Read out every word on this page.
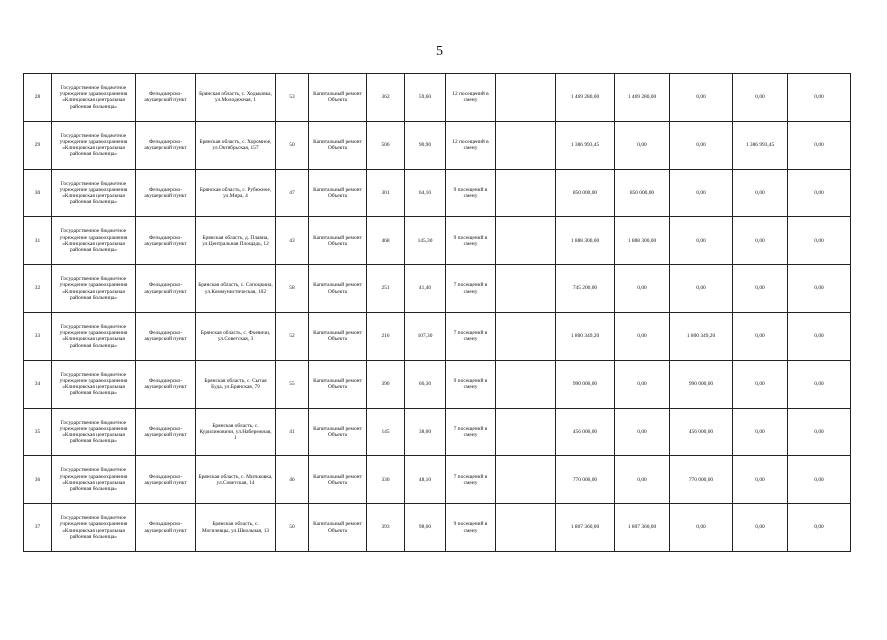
5
28	Государственное бюджетное учреждение здравоохранения «Клинцовская центральная районная больница»	Фельдшерско-акушерский пункт	Брянская область, с. Ходьковка, ул.Молодежная, 1	53	Капитальный ремонт Объекта	362	59,60	12 посещений в смену		1 469 280,00	1 469 280,00	0,00	0,00	0,00	
29	Государственное бюджетное учреждение здравоохранения «Клинцовская центральная районная больница»	Фельдшерско-акушерский пункт	Брянская область, с. Хоромное, ул.Октябрьская, 157	50	Капитальный ремонт Объекта	506	90,90	12 посещений в смену		1 386 993,45	0,00	0,00	1 386 993,45	0,00	
30	Государственное бюджетное учреждение здравоохранения «Клинцовская центральная районная больница»	Фельдшерско-акушерский пункт	Брянская область, с. Рубежное, ул.Мира, 4	47	Капитальный ремонт Объекта	301	64,10	9 посещений в смену		850 000,00	850 000,00	0,00	0,00	0,00	
31	Государственное бюджетное учреждение здравоохранения «Клинцовская центральная районная больница»	Фельдшерско-акушерский пункт	Брянская область, д. Плавна, ул.Центральная Площадь, 12	43	Капитальный ремонт Объекта	468	145,30	9 посещений в смену		1 888 300,00	1 888 300,00	0,00	0,00	0,00	
32	Государственное бюджетное учреждение здравоохранения «Клинцовская центральная районная больница»	Фельдшерско-акушерский пункт	Брянская область, с. Сопоцкина, ул.Коммунистическая, 102	58	Капитальный ремонт Объекта	251	41,40	7 посещений в смену		745 200,00	0,00	0,00	0,00	0,00	
33	Государственное бюджетное учреждение здравоохранения «Клинцовская центральная районная больница»	Фельдшерско-акушерский пункт	Брянская область, с. Фоевичи, ул.Советская, 3	52	Капитальный ремонт Объекта	216	107,30	7 посещений в смену		1 800 349,20	0,00	1 800 349,20	0,00	0,00	
34	Государственное бюджетное учреждение здравоохранения «Клинцовская центральная районная больница»	Фельдшерско-акушерский пункт	Брянская область, с. Сытая Буда, ул.Брянская, 79	55	Капитальный ремонт Объекта	390	66,30	9 посещений в смену		990 000,00	0,00	990 000,00	0,00	0,00	
35	Государственное бюджетное учреждение здравоохранения «Клинцовская центральная районная больница»	Фельдшерско-акушерский пункт	Брянская область, с. Курилиновичи, ул.Набережная, 1	41	Капитальный ремонт Объекта	145	38,00	7 посещений в смену		456 000,00	0,00	456 000,00	0,00	0,00	
36	Государственное бюджетное учреждение здравоохранения «Клинцовская центральная районная больница»	Фельдшерско-акушерский пункт	Брянская область, с. Митьковка, ул.Советская, 14	46	Капитальный ремонт Объекта	330	48,10	7 посещений в смену		770 000,00	0,00	770 000,00	0,00	0,00	
37	Государственное бюджетное учреждение здравоохранения «Клинцовская центральная районная больница»	Фельдшерско-акушерский пункт	Брянская область, с. Могилевцы, ул.Школьная, 13	50	Капитальный ремонт Объекта	393	98,00	9 посещений в смену		1 807 360,00	1 807 360,00	0,00	0,00	0,00	
